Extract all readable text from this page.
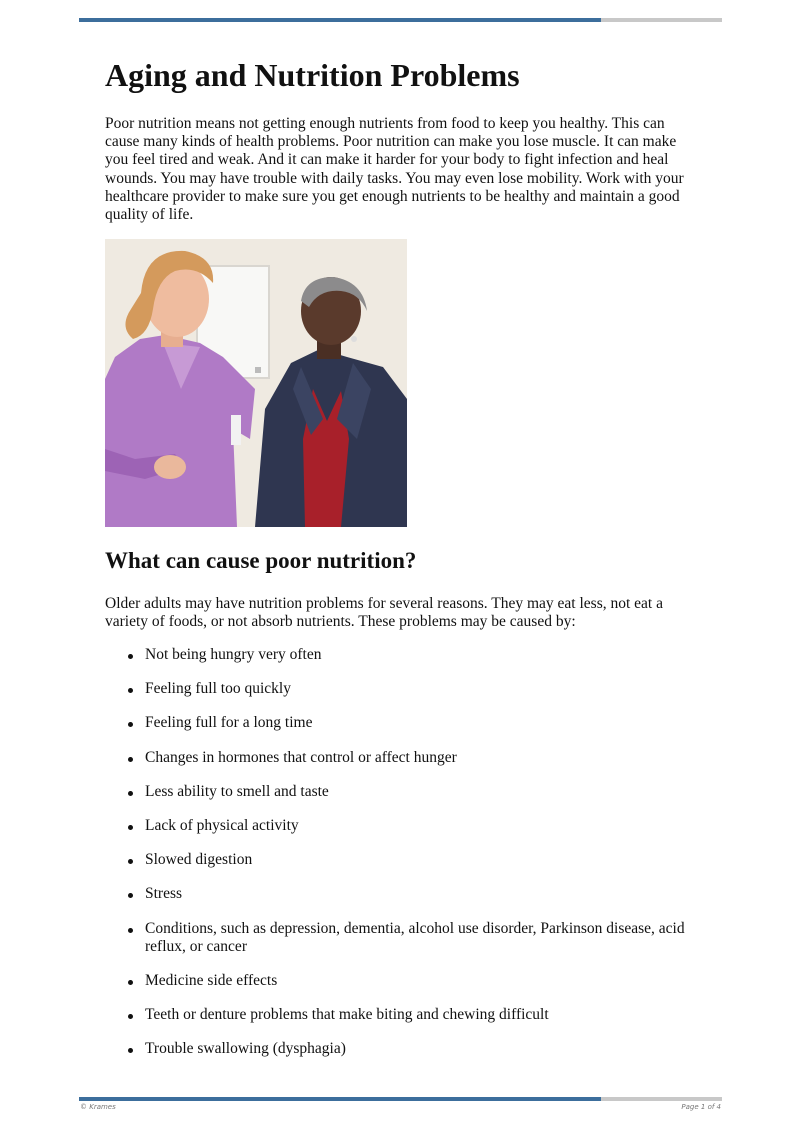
Aging and Nutrition Problems

Poor nutrition means not getting enough nutrients from food to keep you healthy. This can cause many kinds of health problems. Poor nutrition can make you lose muscle. It can make you feel tired and weak. And it can make it harder for your body to fight infection and heal wounds. You may have trouble with daily tasks. You may even lose mobility. Work with your healthcare provider to make sure you get enough nutrients to be healthy and maintain a good quality of life.

What can cause poor nutrition?

Older adults may have nutrition problems for several reasons. They may eat less, not eat a variety of foods, or not absorb nutrients. These problems may be caused by:

Not being hungry very often
Feeling full too quickly
Feeling full for a long time
Changes in hormones that control or affect hunger
Less ability to smell and taste
Lack of physical activity
Slowed digestion
Stress
Conditions, such as depression, dementia, alcohol use disorder, Parkinson disease, acid reflux, or cancer
Medicine side effects
Teeth or denture problems that make biting and chewing difficult
Trouble swallowing (dysphagia)
© Krames	Page 1 of 4
